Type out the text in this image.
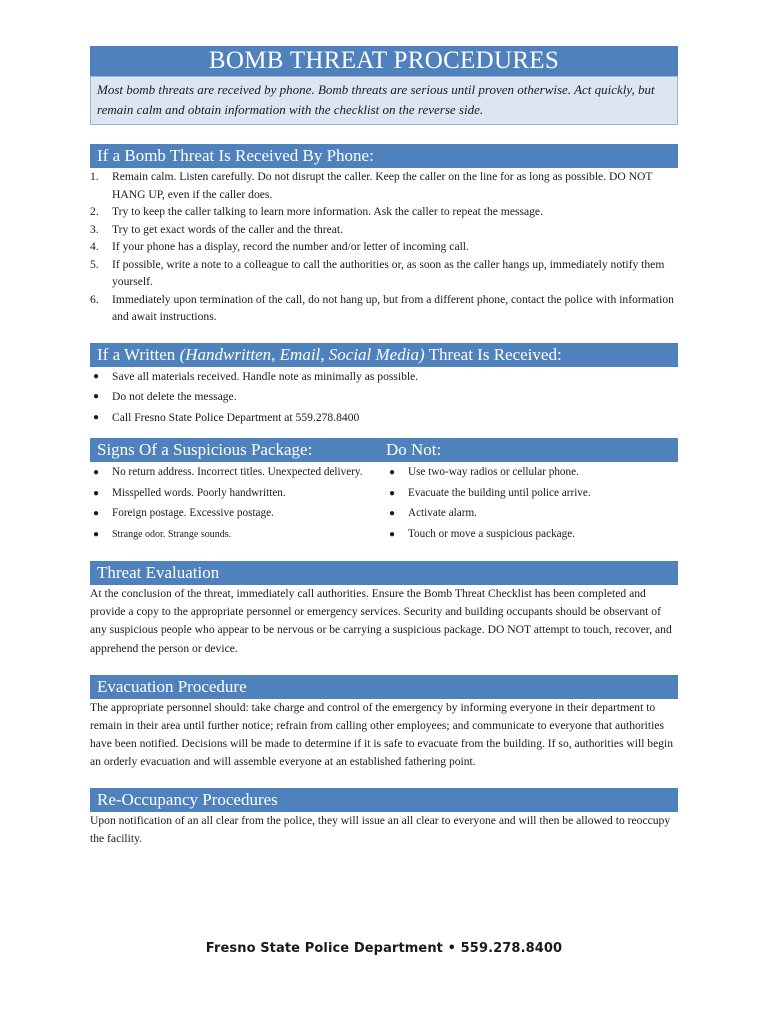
BOMB THREAT PROCEDURES
Most bomb threats are received by phone. Bomb threats are serious until proven otherwise. Act quickly, but remain calm and obtain information with the checklist on the reverse side.
If a Bomb Threat Is Received By Phone:
1. Remain calm. Listen carefully. Do not disrupt the caller. Keep the caller on the line for as long as possible. DO NOT HANG UP, even if the caller does.
2. Try to keep the caller talking to learn more information. Ask the caller to repeat the message.
3. Try to get exact words of the caller and the threat.
4. If your phone has a display, record the number and/or letter of incoming call.
5. If possible, write a note to a colleague to call the authorities or, as soon as the caller hangs up, immediately notify them yourself.
6. Immediately upon termination of the call, do not hang up, but from a different phone, contact the police with information and await instructions.
If a Written (Handwritten, Email, Social Media) Threat Is Received:
● Save all materials received. Handle note as minimally as possible.
● Do not delete the message.
● Call Fresno State Police Department at 559.278.8400
Signs Of a Suspicious Package:	Do Not:
● No return address. Incorrect titles. Unexpected delivery.
● Misspelled words. Poorly handwritten.
● Foreign postage. Excessive postage.
● Strange odor. Strange sounds.
● Use two-way radios or cellular phone.
● Evacuate the building until police arrive.
● Activate alarm.
● Touch or move a suspicious package.
Threat Evaluation

At the conclusion of the threat, immediately call authorities. Ensure the Bomb Threat Checklist has been completed and provide a copy to the appropriate personnel or emergency services. Security and building occupants should be observant of any suspicious people who appear to be nervous or be carrying a suspicious package. DO NOT attempt to touch, recover, and apprehend the person or device.

Evacuation Procedure

The appropriate personnel should: take charge and control of the emergency by informing everyone in their department to remain in their area until further notice; refrain from calling other employees; and communicate to everyone that authorities have been notified. Decisions will be made to determine if it is safe to evacuate from the building. If so, authorities will begin an orderly evacuation and will assemble everyone at an established fathering point.

Re-Occupancy Procedures

Upon notification of an all clear from the police, they will issue an all clear to everyone and will then be allowed to reoccupy the facility.

Fresno State Police Department • 559.278.8400
